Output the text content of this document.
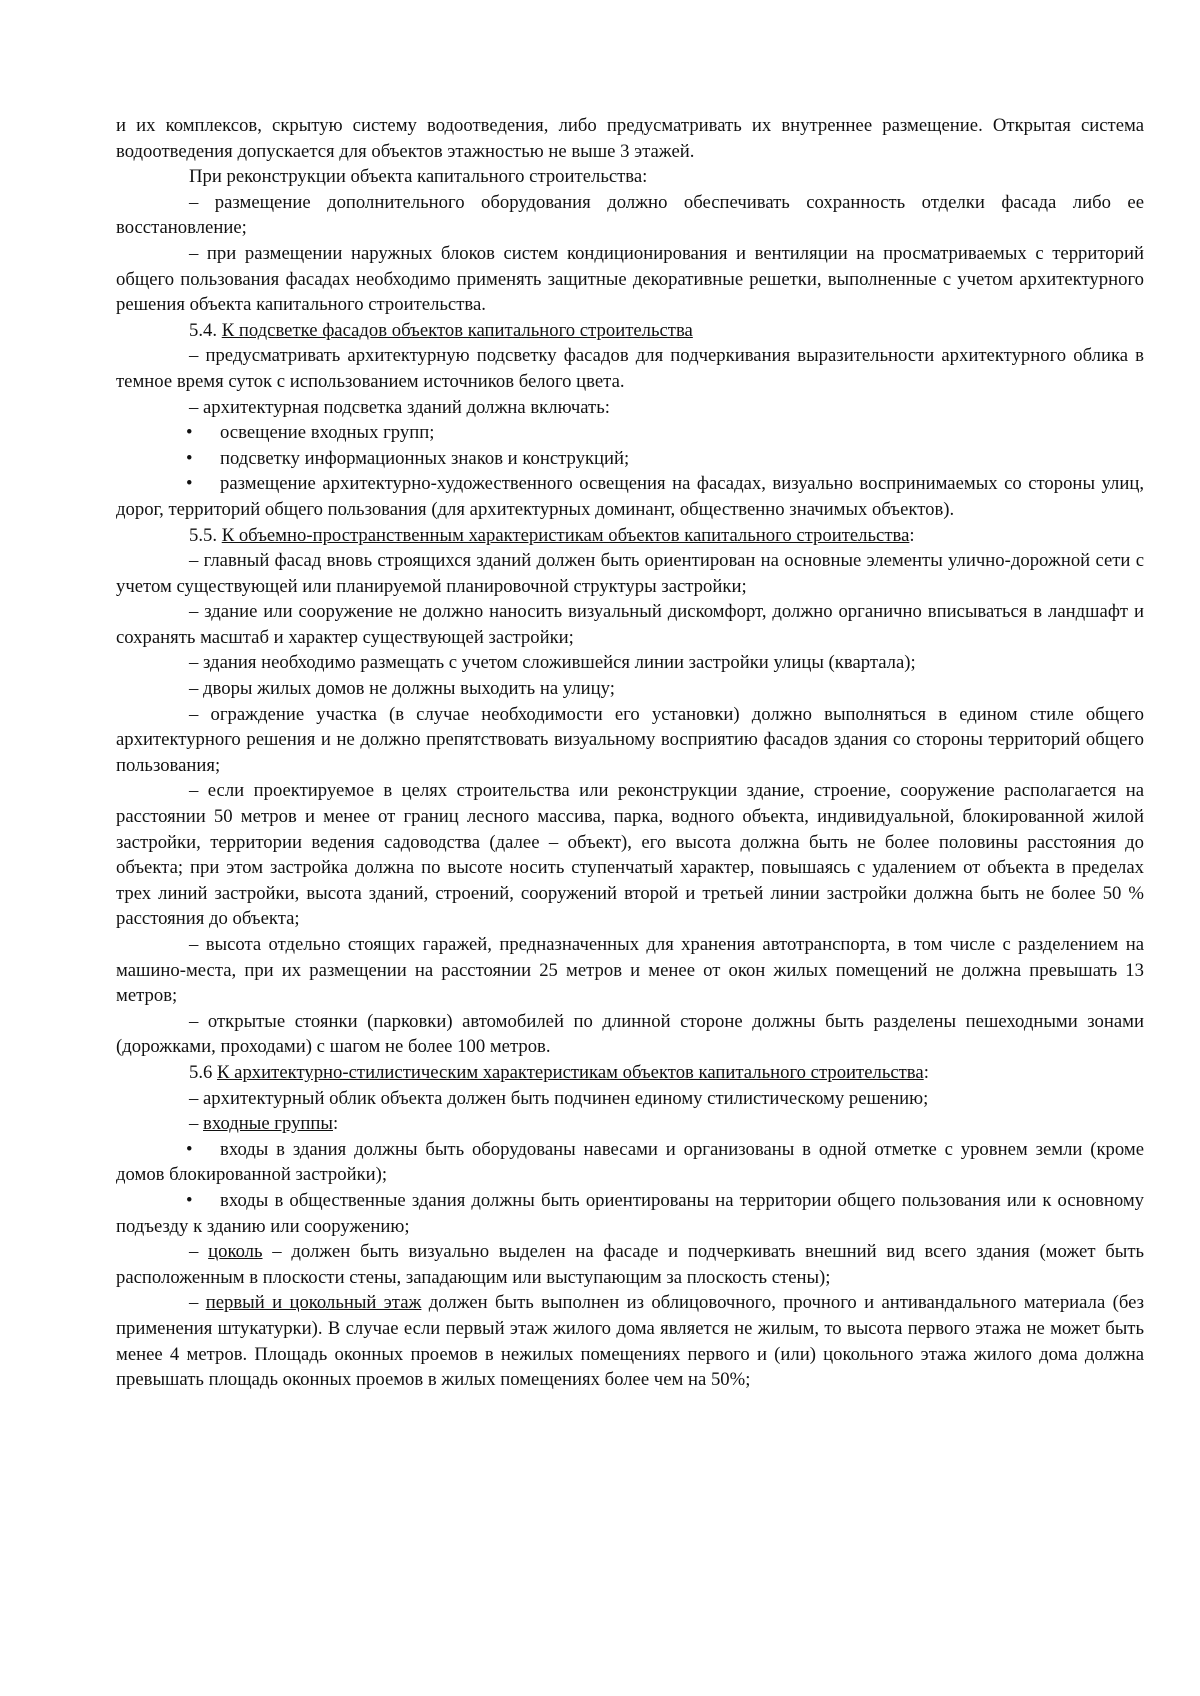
и их комплексов, скрытую систему водоотведения, либо предусматривать их внутреннее размещение. Открытая система водоотведения допускается для объектов этажностью не выше 3 этажей.

При реконструкции объекта капитального строительства:

– размещение дополнительного оборудования должно обеспечивать сохранность отделки фасада либо ее восстановление;

– при размещении наружных блоков систем кондиционирования и вентиляции на просматриваемых с территорий общего пользования фасадах необходимо применять защитные декоративные решетки, выполненные с учетом архитектурного решения объекта капитального строительства.

5.4. К подсветке фасадов объектов капитального строительства

– предусматривать архитектурную подсветку фасадов для подчеркивания выразительности архитектурного облика в темное время суток с использованием источников белого цвета.

– архитектурная подсветка зданий должна включать:

• освещение входных групп;

• подсветку информационных знаков и конструкций;

• размещение архитектурно-художественного освещения на фасадах, визуально воспринимаемых со стороны улиц, дорог, территорий общего пользования (для архитектурных доминант, общественно значимых объектов).

5.5. К объемно-пространственным характеристикам объектов капитального строительства:

– главный фасад вновь строящихся зданий должен быть ориентирован на основные элементы улично-дорожной сети с учетом существующей или планируемой планировочной структуры застройки;

– здание или сооружение не должно наносить визуальный дискомфорт, должно органично вписываться в ландшафт и сохранять масштаб и характер существующей застройки;

– здания необходимо размещать с учетом сложившейся линии застройки улицы (квартала);

– дворы жилых домов не должны выходить на улицу;

– ограждение участка (в случае необходимости его установки) должно выполняться в едином стиле общего архитектурного решения и не должно препятствовать визуальному восприятию фасадов здания со стороны территорий общего пользования;

– если проектируемое в целях строительства или реконструкции здание, строение, сооружение располагается на расстоянии 50 метров и менее от границ лесного массива, парка, водного объекта, индивидуальной, блокированной жилой застройки, территории ведения садоводства (далее – объект), его высота должна быть не более половины расстояния до объекта; при этом застройка должна по высоте носить ступенчатый характер, повышаясь с удалением от объекта в пределах трех линий застройки, высота зданий, строений, сооружений второй и третьей линии застройки должна быть не более 50 % расстояния до объекта;

– высота отдельно стоящих гаражей, предназначенных для хранения автотранспорта, в том числе с разделением на машино-места, при их размещении на расстоянии 25 метров и менее от окон жилых помещений не должна превышать 13 метров;

– открытые стоянки (парковки) автомобилей по длинной стороне должны быть разделены пешеходными зонами (дорожками, проходами) с шагом не более 100 метров.

5.6 К архитектурно-стилистическим характеристикам объектов капитального строительства:

– архитектурный облик объекта должен быть подчинен единому стилистическому решению;

– входные группы:

• входы в здания должны быть оборудованы навесами и организованы в одной отметке с уровнем земли (кроме домов блокированной застройки);

• входы в общественные здания должны быть ориентированы на территории общего пользования или к основному подъезду к зданию или сооружению;

– цоколь – должен быть визуально выделен на фасаде и подчеркивать внешний вид всего здания (может быть расположенным в плоскости стены, западающим или выступающим за плоскость стены);

– первый и цокольный этаж должен быть выполнен из облицовочного, прочного и антивандального материала (без применения штукатурки). В случае если первый этаж жилого дома является не жилым, то высота первого этажа не может быть менее 4 метров. Площадь оконных проемов в нежилых помещениях первого и (или) цокольного этажа жилого дома должна превышать площадь оконных проемов в жилых помещениях более чем на 50%;
